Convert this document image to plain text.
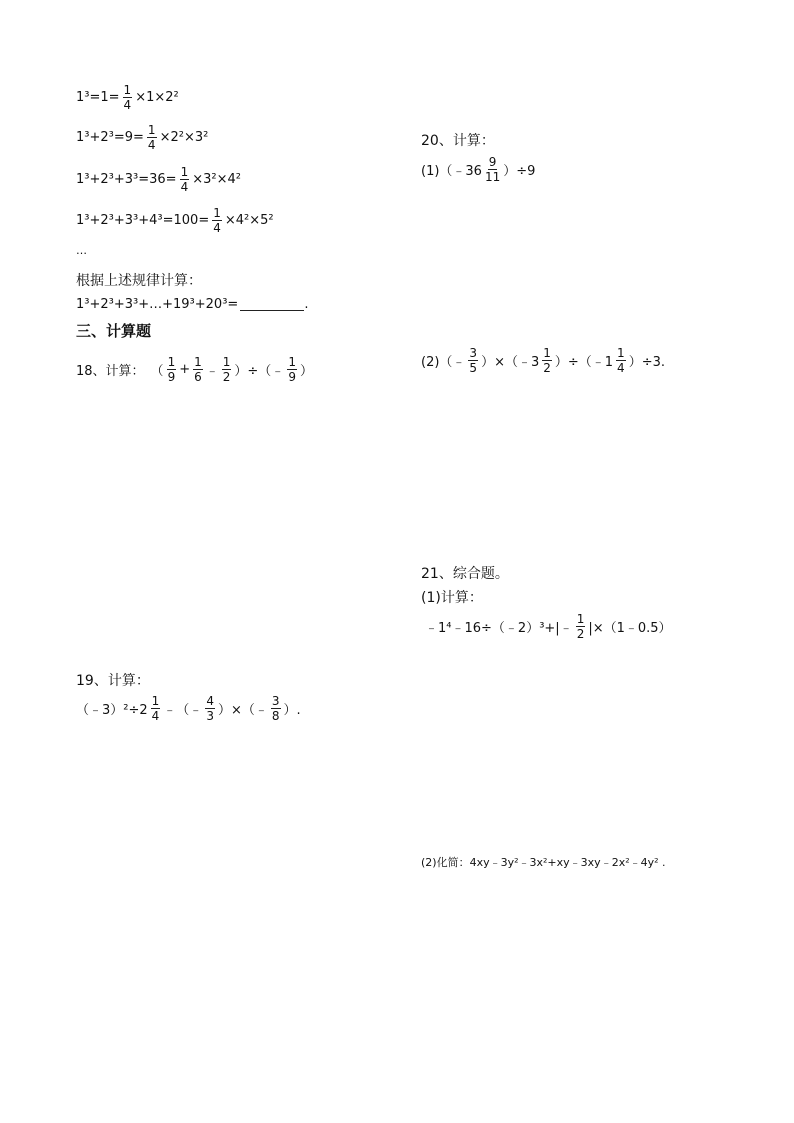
$1^3=1= \frac{1}{4} \times 1\times 2^2$
$1^3+2^3=9= \frac{1}{4} \times 2^2\times 3^2$
$1^3+2^3+3^3=36= \frac{1}{4} \times 3^2\times 4^2$
$1^3+2^3+3^3+4^3=100= \frac{1}{4} \times 4^2\times 5^2$
…
根据上述规律计算：
1³+2³+3³+…+19³+20³=	.
三、计算题
18、计算： （ $\frac{1}{9} + \frac{1}{6}$ ﹣ $\frac{1}{2}$ ）÷（﹣ $\frac{1}{9}$ ）
19、计算：
（﹣3）²÷2 $\frac{1}{4}$ ﹣（﹣ $\frac{4}{3}$ ）×（﹣ $\frac{3}{8}$ ）.
20、计算：
(1)（﹣36 $\frac{9}{11} )\div 9$
(2)（﹣ $\frac{3}{5}$ ）×（﹣3 $\frac{1}{2}$ ）÷（﹣1 $\frac{1}{4} )\div 3$.
21、综合题。
(1)计算：
﹣1⁴﹣16÷（﹣2）³+|﹣ $\frac{1}{2}$ |×（1﹣0.5）
(2)化简：4xy﹣3y²﹣3x²+xy﹣3xy﹣2x²﹣4y² .
